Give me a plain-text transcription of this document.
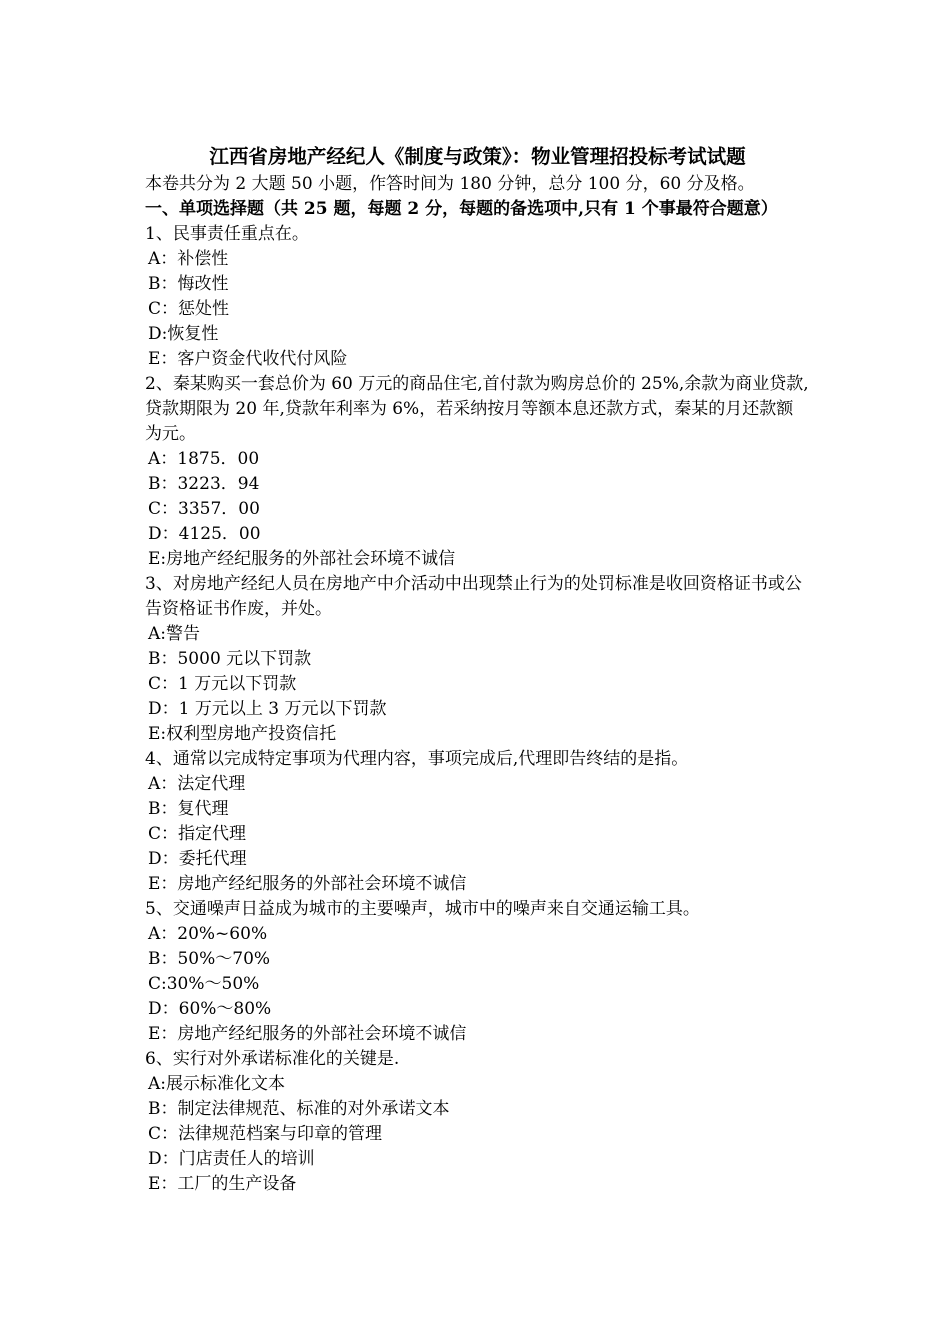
江西省房地产经纪人《制度与政策》：物业管理招投标考试试题
本卷共分为 2 大题 50 小题，作答时间为 180 分钟，总分 100 分，60 分及格。
一、单项选择题（共 25 题，每题 2 分，每题的备选项中,只有 1 个事最符合题意）
1、民事责任重点在。
A：补偿性
B：悔改性
C：惩处性
D:恢复性
E：客户资金代收代付风险
2、秦某购买一套总价为 60 万元的商品住宅,首付款为购房总价的 25%,余款为商业贷款,贷款期限为 20 年,贷款年利率为 6%，若采纳按月等额本息还款方式，秦某的月还款额为元。
A：1875．00
B：3223．94
C：3357．00
D：4125．00
E:房地产经纪服务的外部社会环境不诚信
3、对房地产经纪人员在房地产中介活动中出现禁止行为的处罚标准是收回资格证书或公告资格证书作废，并处。
A:警告
B：5000 元以下罚款
C：1 万元以下罚款
D：1 万元以上 3 万元以下罚款
E:权利型房地产投资信托
4、通常以完成特定事项为代理内容，事项完成后,代理即告终结的是指。
A：法定代理
B：复代理
C：指定代理
D：委托代理
E：房地产经纪服务的外部社会环境不诚信
5、交通噪声日益成为城市的主要噪声，城市中的噪声来自交通运输工具。
A：20%~60%
B：50%～70%
C:30%～50%
D：60%～80%
E：房地产经纪服务的外部社会环境不诚信
6、实行对外承诺标准化的关键是.
A:展示标准化文本
B：制定法律规范、标准的对外承诺文本
C：法律规范档案与印章的管理
D：门店责任人的培训
E：工厂的生产设备
